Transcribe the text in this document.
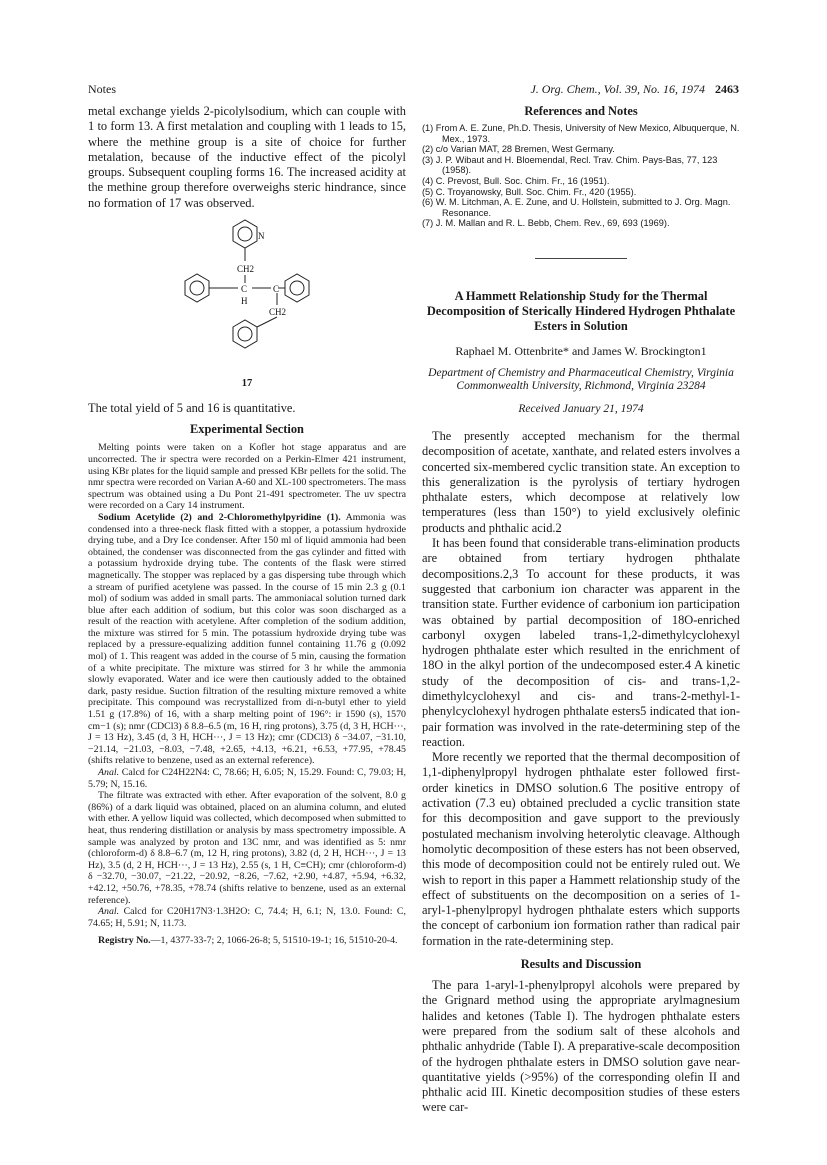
Notes	J. Org. Chem., Vol. 39, No. 16, 1974 2463

metal exchange yields 2-picolylsodium, which can couple with 1 to form 13. A first metalation and coupling with 1 leads to 15, where the methine group is a site of choice for further metalation, because of the inductive effect of the picolyl groups. Subsequent coupling forms 16. The increased acidity at the methine group therefore overweighs steric hindrance, since no formation of 17 was observed.

N
CH2
C
H
C
CH2
17

The total yield of 5 and 16 is quantitative.

Experimental Section

Melting points were taken on a Kofler hot stage apparatus and are uncorrected. The ir spectra were recorded on a Perkin-Elmer 421 instrument, using KBr plates for the liquid sample and pressed KBr pellets for the solid. The nmr spectra were recorded on Varian A-60 and XL-100 spectrometers. The mass spectrum was obtained using a Du Pont 21-491 spectrometer. The uv spectra were recorded on a Cary 14 instrument.

Sodium Acetylide (2) and 2-Chloromethylpyridine (1). Ammonia was condensed into a three-neck flask fitted with a stopper, a potassium hydroxide drying tube, and a Dry Ice condenser. After 150 ml of liquid ammonia had been obtained, the condenser was disconnected from the gas cylinder and fitted with a potassium hydroxide drying tube. The contents of the flask were stirred magnetically. The stopper was replaced by a gas dispersing tube through which a stream of purified acetylene was passed. In the course of 15 min 2.3 g (0.1 mol) of sodium was added in small parts. The ammoniacal solution turned dark blue after each addition of sodium, but this color was soon discharged as a result of the reaction with acetylene. After completion of the sodium addition, the mixture was stirred for 5 min. The potassium hydroxide drying tube was replaced by a pressure-equalizing addition funnel containing 11.76 g (0.092 mol) of 1. This reagent was added in the course of 5 min, causing the formation of a white precipitate. The mixture was stirred for 3 hr while the ammonia slowly evaporated. Water and ice were then cautiously added to the obtained dark, pasty residue. Suction filtration of the resulting mixture removed a white precipitate. This compound was recrystallized from di-n-butyl ether to yield 1.51 g (17.8%) of 16, with a sharp melting point of 196°: ir 1590 (s), 1570 cm−1 (s); nmr (CDCl3) δ 8.8–6.5 (m, 16 H, ring protons), 3.75 (d, 3 H, HCH···, J = 13 Hz), 3.45 (d, 3 H, HCH···, J = 13 Hz); cmr (CDCl3) δ −34.07, −31.10, −21.14, −21.03, −8.03, −7.48, +2.65, +4.13, +6.21, +6.53, +77.95, +78.45 (shifts relative to benzene, used as an external reference).

Anal. Calcd for C24H22N4: C, 78.66; H, 6.05; N, 15.29. Found: C, 79.03; H, 5.79; N, 15.16.

The filtrate was extracted with ether. After evaporation of the solvent, 8.0 g (86%) of a dark liquid was obtained, placed on an alumina column, and eluted with ether. A yellow liquid was collected, which decomposed when submitted to heat, thus rendering distillation or analysis by mass spectrometry impossible. A sample was analyzed by proton and 13C nmr, and was identified as 5: nmr (chloroform-d) δ 8.8–6.7 (m, 12 H, ring protons), 3.82 (d, 2 H, HCH···, J = 13 Hz), 3.5 (d, 2 H, HCH···, J = 13 Hz), 2.55 (s, 1 H, C≡CH); cmr (chloroform-d) δ −32.70, −30.07, −21.22, −20.92, −8.26, −7.62, +2.90, +4.87, +5.94, +6.32, +42.12, +50.76, +78.35, +78.74 (shifts relative to benzene, used as an external reference).

Anal. Calcd for C20H17N3·1.3H2O: C, 74.4; H, 6.1; N, 13.0. Found: C, 74.65; H, 5.91; N, 11.73.

Registry No.—1, 4377-33-7; 2, 1066-26-8; 5, 51510-19-1; 16, 51510-20-4.

References and Notes
(1) From A. E. Zune, Ph.D. Thesis, University of New Mexico, Albuquerque, N. Mex., 1973.
(2) c/o Varian MAT, 28 Bremen, West Germany.
(3) J. P. Wibaut and H. Bloemendal, Recl. Trav. Chim. Pays-Bas, 77, 123 (1958).
(4) C. Prevost, Bull. Soc. Chim. Fr., 16 (1951).
(5) C. Troyanowsky, Bull. Soc. Chim. Fr., 420 (1955).
(6) W. M. Litchman, A. E. Zune, and U. Hollstein, submitted to J. Org. Magn. Resonance.
(7) J. M. Mallan and R. L. Bebb, Chem. Rev., 69, 693 (1969).
A Hammett Relationship Study for the Thermal Decomposition of Sterically Hindered Hydrogen Phthalate Esters in Solution
Raphael M. Ottenbrite* and James W. Brockington1
Department of Chemistry and Pharmaceutical Chemistry, Virginia Commonwealth University, Richmond, Virginia 23284
Received January 21, 1974

The presently accepted mechanism for the thermal decomposition of acetate, xanthate, and related esters involves a concerted six-membered cyclic transition state. An exception to this generalization is the pyrolysis of tertiary hydrogen phthalate esters, which decompose at relatively low temperatures (less than 150°) to yield exclusively olefinic products and phthalic acid.2

It has been found that considerable trans-elimination products are obtained from tertiary hydrogen phthalate decompositions.2,3 To account for these products, it was suggested that carbonium ion character was apparent in the transition state. Further evidence of carbonium ion participation was obtained by partial decomposition of 18O-enriched carbonyl oxygen labeled trans-1,2-dimethylcyclohexyl hydrogen phthalate ester which resulted in the enrichment of 18O in the alkyl portion of the undecomposed ester.4 A kinetic study of the decomposition of cis- and trans-1,2-dimethylcyclohexyl and cis- and trans-2-methyl-1-phenylcyclohexyl hydrogen phthalate esters5 indicated that ion-pair formation was involved in the rate-determining step of the reaction.

More recently we reported that the thermal decomposition of 1,1-diphenylpropyl hydrogen phthalate ester followed first-order kinetics in DMSO solution.6 The positive entropy of activation (7.3 eu) obtained precluded a cyclic transition state for this decomposition and gave support to the previously postulated mechanism involving heterolytic cleavage. Although homolytic decomposition of these esters has not been observed, this mode of decomposition could not be entirely ruled out. We wish to report in this paper a Hammett relationship study of the effect of substituents on the decomposition on a series of 1-aryl-1-phenylpropyl hydrogen phthalate esters which supports the concept of carbonium ion formation rather than radical pair formation in the rate-determining step.

Results and Discussion

The para 1-aryl-1-phenylpropyl alcohols were prepared by the Grignard method using the appropriate arylmagnesium halides and ketones (Table I). The hydrogen phthalate esters were prepared from the sodium salt of these alcohols and phthalic anhydride (Table I). A preparative-scale decomposition of the hydrogen phthalate esters in DMSO solution gave near-quantitative yields (>95%) of the corresponding olefin II and phthalic acid III. Kinetic decomposition studies of these esters were car-
